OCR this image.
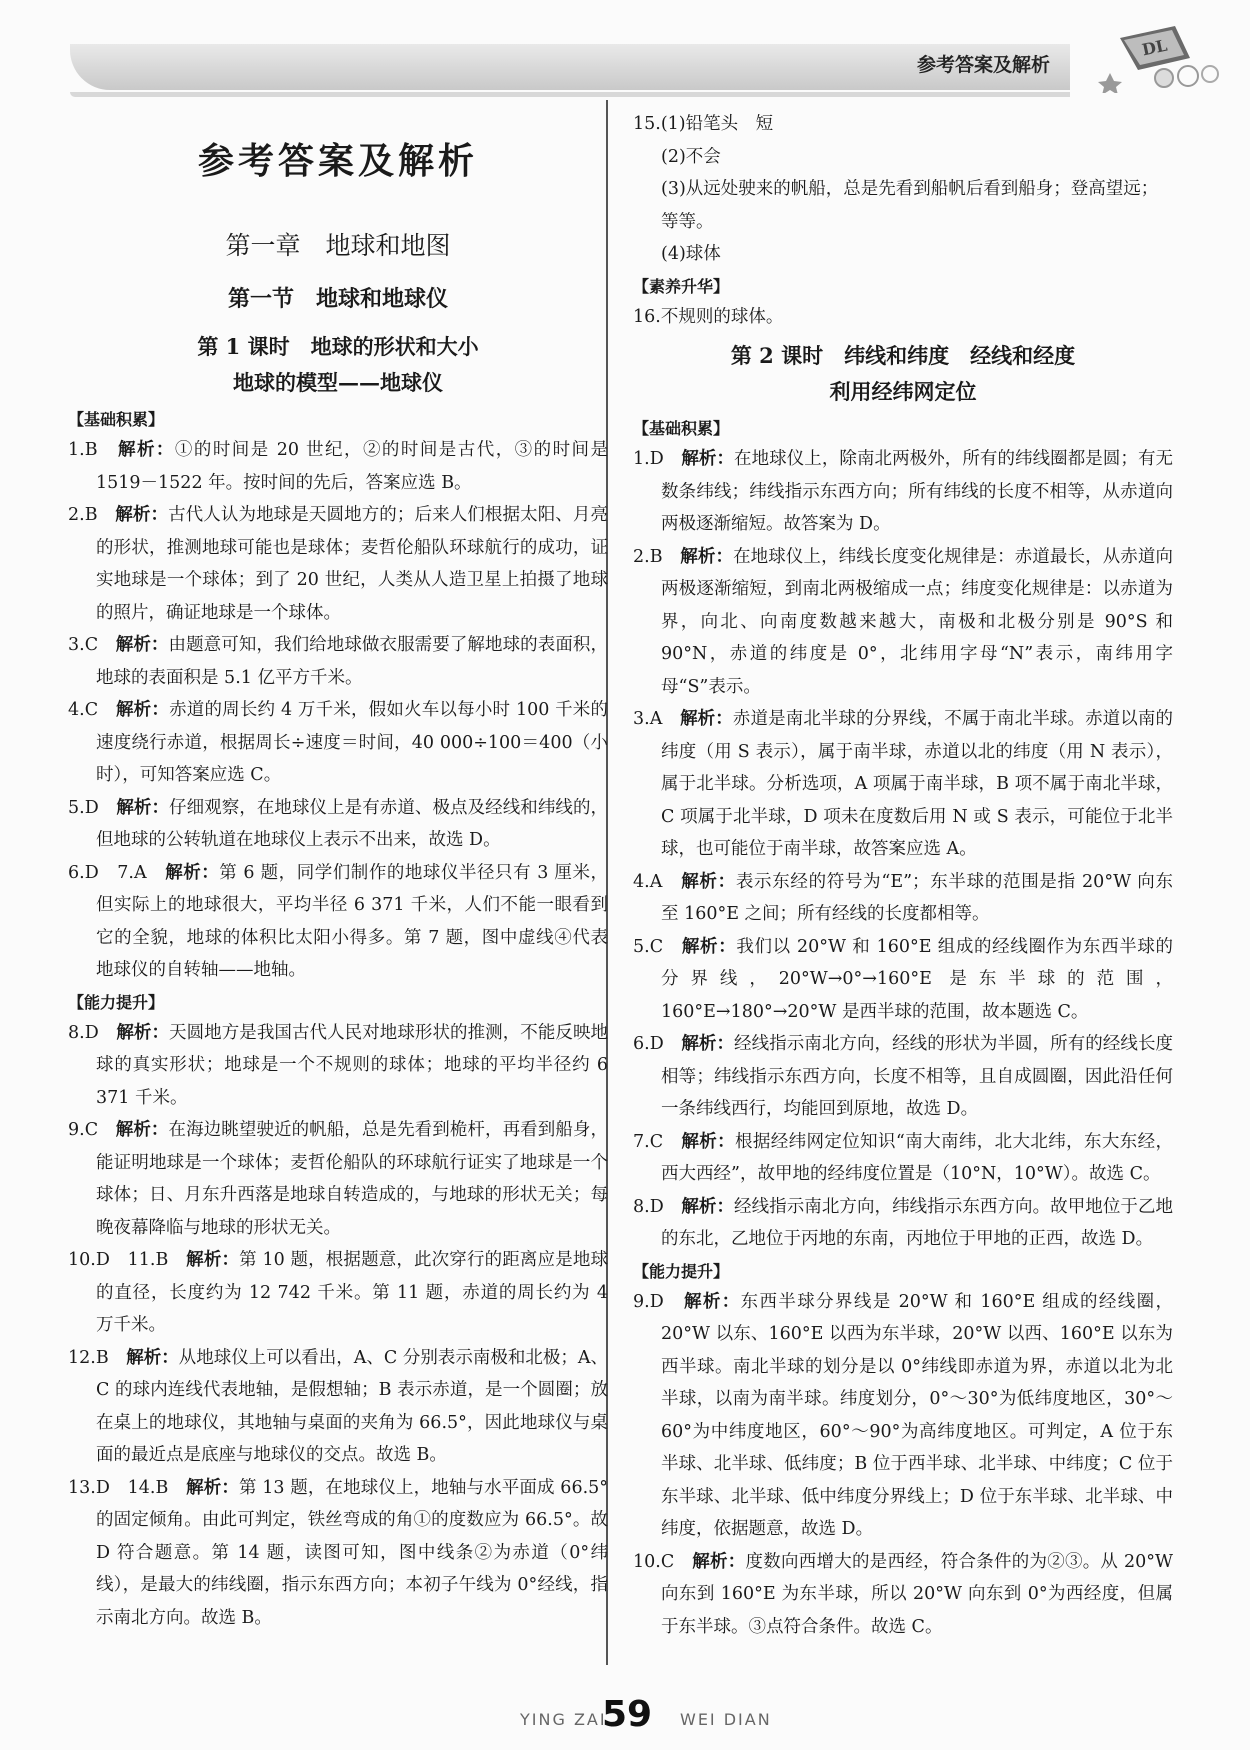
参考答案及解析
DL
参考答案及解析
第一章　地球和地图
第一节　地球和地球仪
第 1 课时　地球的形状和大小
地球的模型——地球仪
【基础积累】

1.B　 解析：①的时间是 20 世纪，②的时间是古代，③的时间是 1519－1522 年。按时间的先后，答案应选 B。

2.B　 解析：古代人认为地球是天圆地方的；后来人们根据太阳、月亮的形状，推测地球可能也是球体；麦哲伦船队环球航行的成功，证实地球是一个球体；到了 20 世纪，人类从人造卫星上拍摄了地球的照片，确证地球是一个球体。

3.C　 解析：由题意可知，我们给地球做衣服需要了解地球的表面积，地球的表面积是 5.1 亿平方千米。

4.C　 解析：赤道的周长约 4 万千米，假如火车以每小时 100 千米的速度绕行赤道，根据周长÷速度＝时间，40 000÷100＝400（小时），可知答案应选 C。

5.D　 解析：仔细观察，在地球仪上是有赤道、极点及经线和纬线的，但地球的公转轨道在地球仪上表示不出来，故选 D。

6.D　7.A　 解析：第 6 题，同学们制作的地球仪半径只有 3 厘米，但实际上的地球很大，平均半径 6 371 千米，人们不能一眼看到它的全貌，地球的体积比太阳小得多。第 7 题，图中虚线④代表地球仪的自转轴——地轴。

【能力提升】

8.D　 解析：天圆地方是我国古代人民对地球形状的推测，不能反映地球的真实形状；地球是一个不规则的球体；地球的平均半径约 6 371 千米。

9.C　 解析：在海边眺望驶近的帆船，总是先看到桅杆，再看到船身，能证明地球是一个球体；麦哲伦船队的环球航行证实了地球是一个球体；日、月东升西落是地球自转造成的，与地球的形状无关；每晚夜幕降临与地球的形状无关。

10.D　11.B　 解析：第 10 题，根据题意，此次穿行的距离应是地球的直径，长度约为 12 742 千米。第 11 题，赤道的周长约为 4 万千米。

12.B　 解析：从地球仪上可以看出，A、C 分别表示南极和北极；A、C 的球内连线代表地轴，是假想轴；B 表示赤道，是一个圆圈；放在桌上的地球仪，其地轴与桌面的夹角为 66.5°，因此地球仪与桌面的最近点是底座与地球仪的交点。故选 B。

13.D　14.B　 解析：第 13 题，在地球仪上，地轴与水平面成 66.5° 的固定倾角。由此可判定，铁丝弯成的角①的度数应为 66.5°。故 D 符合题意。第 14 题，读图可知，图中线条②为赤道（0°纬线），是最大的纬线圈，指示东西方向；本初子午线为 0°经线，指示南北方向。故选 B。

15.(1)铅笔头　短

(2)不会

(3)从远处驶来的帆船，总是先看到船帆后看到船身；登高望远；等等。

(4)球体

【素养升华】

16.不规则的球体。

第 2 课时　纬线和纬度　经线和经度
利用经纬网定位
【基础积累】

1.D　 解析：在地球仪上，除南北两极外，所有的纬线圈都是圆；有无数条纬线；纬线指示东西方向；所有纬线的长度不相等，从赤道向两极逐渐缩短。故答案为 D。

2.B　 解析：在地球仪上，纬线长度变化规律是：赤道最长，从赤道向两极逐渐缩短，到南北两极缩成一点；纬度变化规律是：以赤道为界，向北、向南度数越来越大，南极和北极分别是 90°S 和 90°N，赤道的纬度是 0°，北纬用字母“N”表示，南纬用字母“S”表示。

3.A　 解析：赤道是南北半球的分界线，不属于南北半球。赤道以南的纬度（用 S 表示），属于南半球，赤道以北的纬度（用 N 表示），属于北半球。分析选项，A 项属于南半球，B 项不属于南北半球，C 项属于北半球，D 项未在度数后用 N 或 S 表示，可能位于北半球，也可能位于南半球，故答案应选 A。

4.A　 解析：表示东经的符号为“E”；东半球的范围是指 20°W 向东至 160°E 之间；所有经线的长度都相等。

5.C　 解析：我们以 20°W 和 160°E 组成的经线圈作为东西半球的分界线，20°W→0°→160°E 是东半球的范围，160°E→180°→20°W 是西半球的范围，故本题选 C。

6.D　 解析：经线指示南北方向，经线的形状为半圆，所有的经线长度相等；纬线指示东西方向，长度不相等，且自成圆圈，因此沿任何一条纬线西行，均能回到原地，故选 D。

7.C　 解析：根据经纬网定位知识“南大南纬，北大北纬，东大东经，西大西经”，故甲地的经纬度位置是（10°N，10°W）。故选 C。

8.D　 解析：经线指示南北方向，纬线指示东西方向。故甲地位于乙地的东北，乙地位于丙地的东南，丙地位于甲地的正西，故选 D。

【能力提升】

9.D　 解析：东西半球分界线是 20°W 和 160°E 组成的经线圈，20°W 以东、160°E 以西为东半球，20°W 以西、160°E 以东为西半球。南北半球的划分是以 0°纬线即赤道为界，赤道以北为北半球，以南为南半球。纬度划分，0°～30°为低纬度地区，30°～60°为中纬度地区，60°～90°为高纬度地区。可判定，A 位于东半球、北半球、低纬度；B 位于西半球、北半球、中纬度；C 位于东半球、北半球、低中纬度分界线上；D 位于东半球、北半球、中纬度，依据题意，故选 D。

10.C　 解析：度数向西增大的是西经，符合条件的为②③。从 20°W 向东到 160°E 为东半球，所以 20°W 向东到 0°为西经度，但属于东半球。③点符合条件。故选 C。

YING ZAI
59 WEI DIAN
